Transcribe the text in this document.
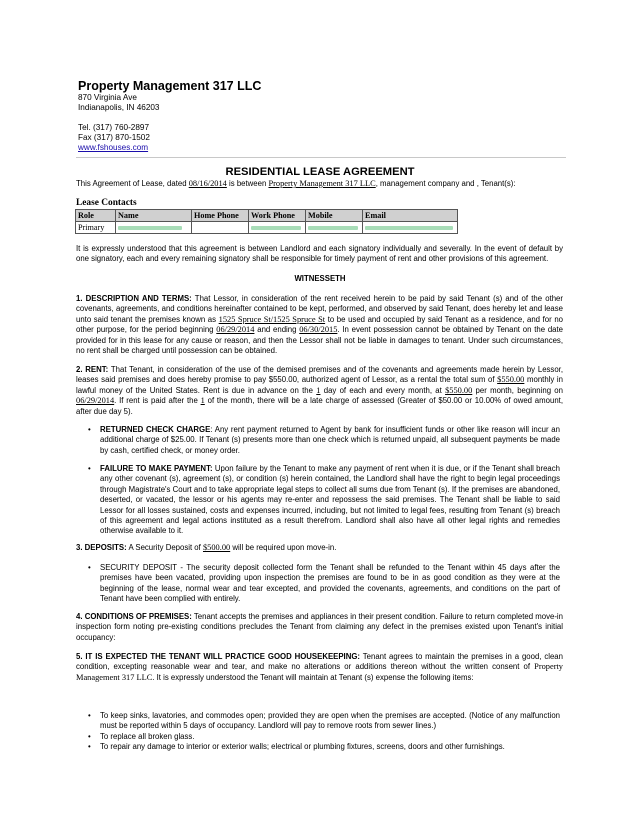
Property Management 317 LLC
870 Virginia Ave
Indianapolis, IN 46203
Tel. (317) 760-2897
Fax (317) 870-1502
www.fshouses.com
RESIDENTIAL LEASE AGREEMENT
This Agreement of Lease, dated 08/16/2014 is between Property Management 317 LLC, management company and , Tenant(s):
Lease Contacts
Role	Name	Home Phone	Work Phone	Mobile	Email
Primary					
It is expressly understood that this agreement is between Landlord and each signatory individually and severally. In the event of default by one signatory, each and every remaining signatory shall be responsible for timely payment of rent and other provisions of this agreement.
WITNESSETH
1. DESCRIPTION AND TERMS: That Lessor, in consideration of the rent received herein to be paid by said Tenant (s) and of the other covenants, agreements, and conditions hereinafter contained to be kept, performed, and observed by said Tenant, does hereby let and lease unto said tenant the premises known as 1525 Spruce St/1525 Spruce St to be used and occupied by said Tenant as a residence, and for no other purpose, for the period beginning 06/29/2014 and ending 06/30/2015. In event possession cannot be obtained by Tenant on the date provided for in this lease for any cause or reason, and then the Lessor shall not be liable in damages to tenant. Under such circumstances, no rent shall be charged until possession can be obtained.
2. RENT: That Tenant, in consideration of the use of the demised premises and of the covenants and agreements made herein by Lessor, leases said premises and does hereby promise to pay $550.00, authorized agent of Lessor, as a rental the total sum of $550.00 monthly in lawful money of the United States. Rent is due in advance on the 1 day of each and every month, at $550.00 per month, beginning on 06/29/2014. If rent is paid after the 1 of the month, there will be a late charge of assessed (Greater of $50.00 or 10.00% of owed amount, after due day 5).
• RETURNED CHECK CHARGE: Any rent payment returned to Agent by bank for insufficient funds or other like reason will incur an additional charge of $25.00. If Tenant (s) presents more than one check which is returned unpaid, all subsequent payments be made by cash, certified check, or money order.
• FAILURE TO MAKE PAYMENT: Upon failure by the Tenant to make any payment of rent when it is due, or if the Tenant shall breach any other covenant (s), agreement (s), or condition (s) herein contained, the Landlord shall have the right to begin legal proceedings through Magistrate's Court and to take appropriate legal steps to collect all sums due from Tenant (s). If the premises are abandoned, deserted, or vacated, the lessor or his agents may re-enter and repossess the said premises. The Tenant shall be liable to said Lessor for all losses sustained, costs and expenses incurred, including, but not limited to legal fees, resulting from Tenant (s) breach of this agreement and legal actions instituted as a result therefrom. Landlord shall also have all other legal rights and remedies otherwise available to it.
3. DEPOSITS: A Security Deposit of $500.00 will be required upon move-in.
• SECURITY DEPOSIT - The security deposit collected form the Tenant shall be refunded to the Tenant within 45 days after the premises have been vacated, providing upon inspection the premises are found to be in as good condition as they were at the beginning of the lease, normal wear and tear excepted, and provided the covenants, agreements, and conditions on the part of Tenant have been complied with entirely.
4. CONDITIONS OF PREMISES: Tenant accepts the premises and appliances in their present condition. Failure to return completed move-in inspection form noting pre-existing conditions precludes the Tenant from claiming any defect in the premises existed upon Tenant's initial occupancy:
5. IT IS EXPECTED THE TENANT WILL PRACTICE GOOD HOUSEKEEPING: Tenant agrees to maintain the premises in a good, clean condition, excepting reasonable wear and tear, and make no alterations or additions thereon without the written consent of Property Management 317 LLC. It is expressly understood the Tenant will maintain at Tenant (s) expense the following items:
• To keep sinks, lavatories, and commodes open; provided they are open when the premises are accepted. (Notice of any malfunction must be reported within 5 days of occupancy. Landlord will pay to remove roots from sewer lines.)
• To replace all broken glass.
• To repair any damage to interior or exterior walls; electrical or plumbing fixtures, screens, doors and other furnishings.
